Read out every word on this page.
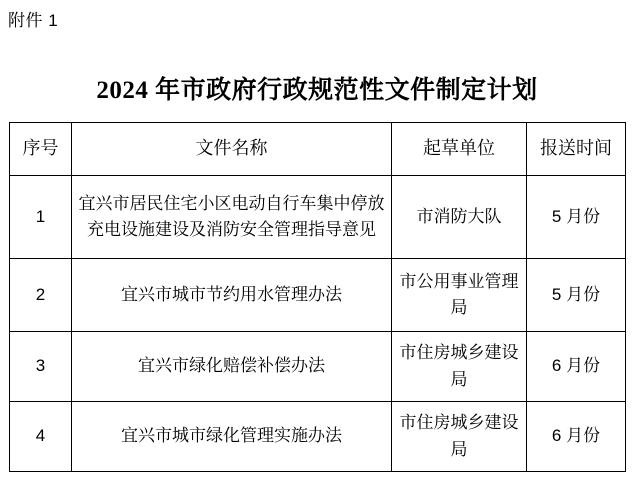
附件 1
2024 年市政府行政规范性文件制定计划
序号	文件名称	起草单位	报送时间
1	宜兴市居民住宅小区电动自行车集中停放充电设施建设及消防安全管理指导意见	市消防大队	5 月份
2	宜兴市城市节约用水管理办法	市公用事业管理局	5 月份
3	宜兴市绿化赔偿补偿办法	市住房城乡建设局	6 月份
4	宜兴市城市绿化管理实施办法	市住房城乡建设局	6 月份
